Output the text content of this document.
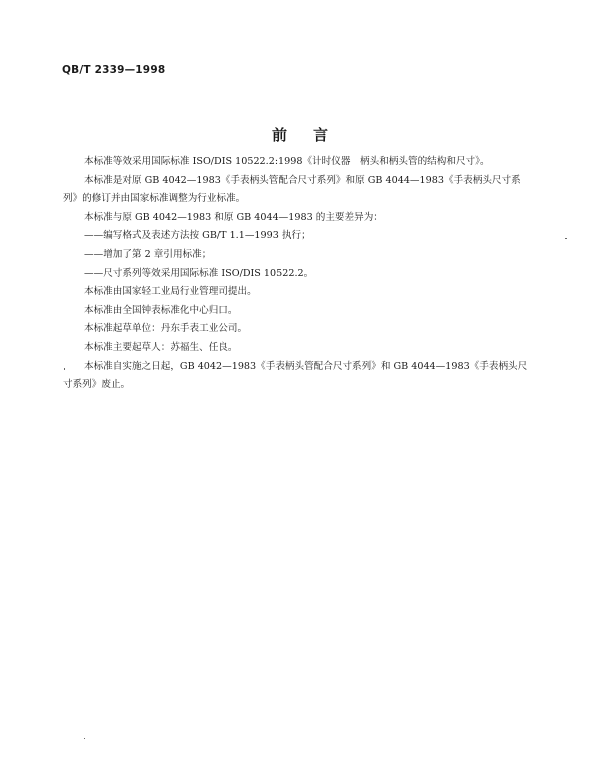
QB/T 2339—1998
前言

本标准等效采用国际标准 ISO/DIS 10522.2:1998《计时仪器　柄头和柄头管的结构和尺寸》。

本标准是对原 GB 4042—1983《手表柄头管配合尺寸系列》和原 GB 4044—1983《手表柄头尺寸系

列》的修订并由国家标准调整为行业标准。

本标准与原 GB 4042—1983 和原 GB 4044—1983 的主要差异为：

——编写格式及表述方法按 GB/T 1.1—1993 执行；

——增加了第 2 章引用标准；

——尺寸系列等效采用国际标准 ISO/DIS 10522.2。

本标准由国家轻工业局行业管理司提出。

本标准由全国钟表标准化中心归口。

本标准起草单位：丹东手表工业公司。

本标准主要起草人：苏福生、任良。

本标准自实施之日起，GB 4042—1983《手表柄头管配合尺寸系列》和 GB 4044—1983《手表柄头尺

寸系列》废止。
